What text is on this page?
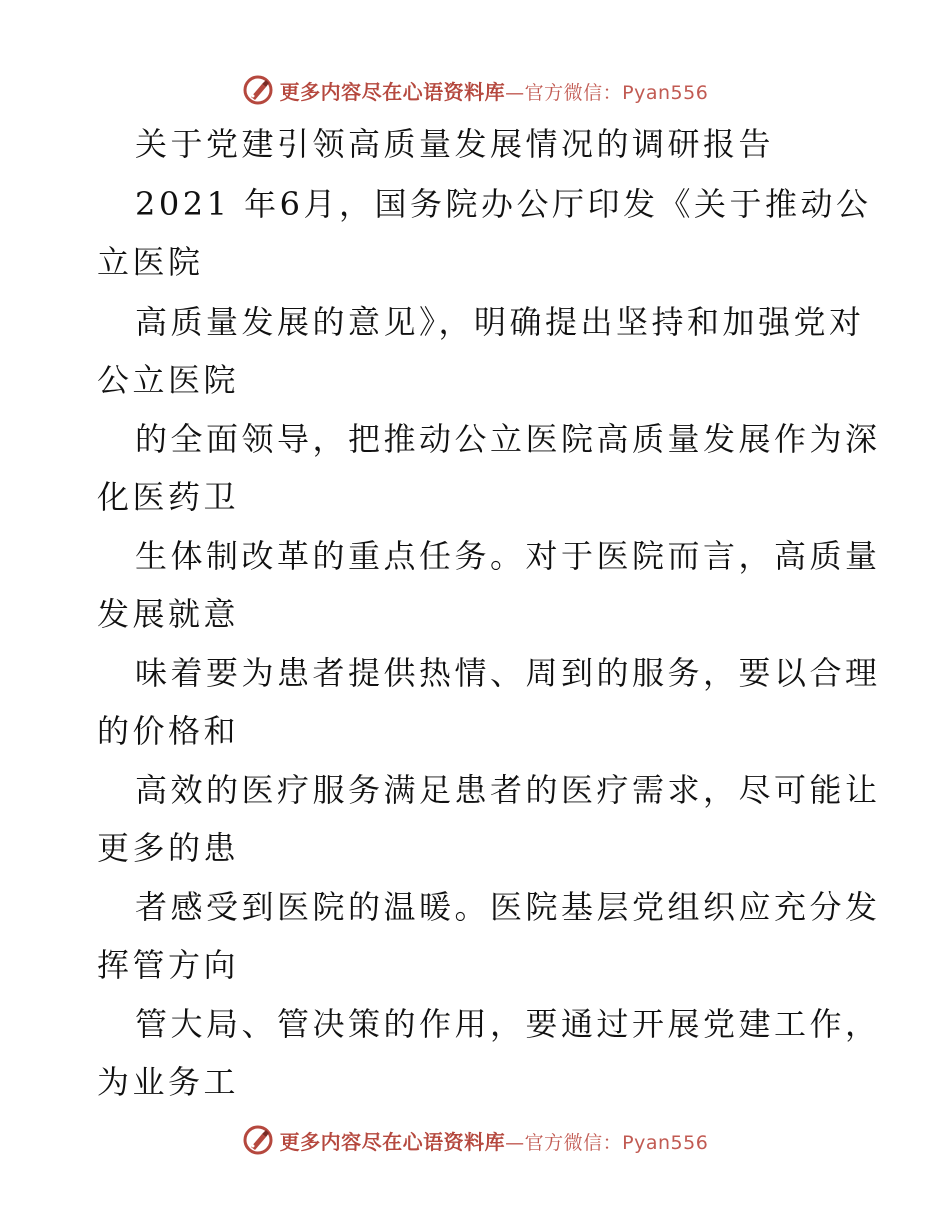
更多内容尽在心语资料库 —官方微信：Pyan556
关于党建引领高质量发展情况的调研报告
2021 年6月，国务院办公厅印发《关于推动公
立医院
高质量发展的意见》，明确提出坚持和加强党对
公立医院
的全面领导，把推动公立医院高质量发展作为深
化医药卫
生体制改革的重点任务。对于医院而言，高质量
发展就意
味着要为患者提供热情、周到的服务，要以合理
的价格和
高效的医疗服务满足患者的医疗需求，尽可能让
更多的患
者感受到医院的温暖。医院基层党组织应充分发
挥管方向
管大局、管决策的作用，要通过开展党建工作，
为业务工
更多内容尽在心语资料库 —官方微信：Pyan556
